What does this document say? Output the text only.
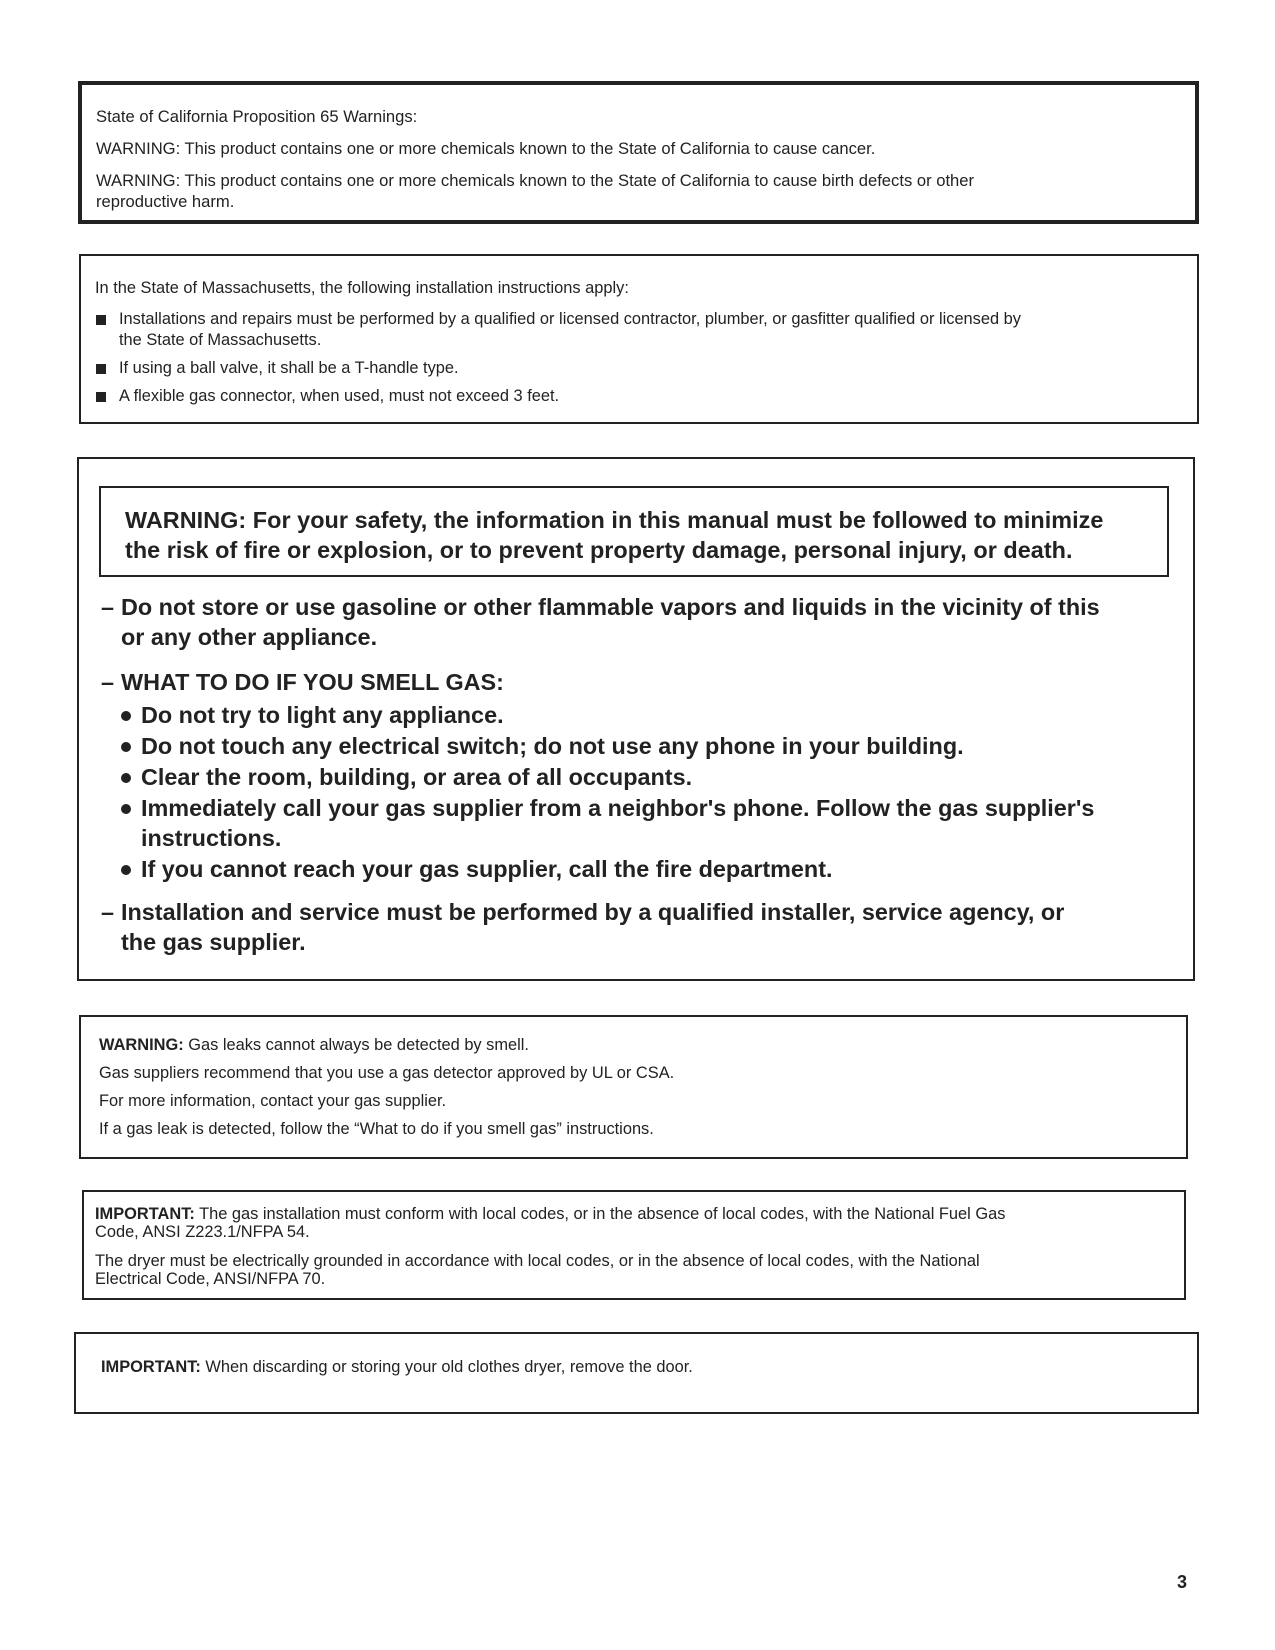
State of California Proposition 65 Warnings:

WARNING: This product contains one or more chemicals known to the State of California to cause cancer.

WARNING: This product contains one or more chemicals known to the State of California to cause birth defects or other
reproductive harm.

In the State of Massachusetts, the following installation instructions apply:

Installations and repairs must be performed by a qualified or licensed contractor, plumber, or gasfitter qualified or licensed by
the State of Massachusetts.
If using a ball valve, it shall be a T-handle type.
A flexible gas connector, when used, must not exceed 3 feet.

WARNING: For your safety, the information in this manual must be followed to minimize

the risk of fire or explosion, or to prevent property damage, personal injury, or death.

– Do not store or use gasoline or other flammable vapors and liquids in the vicinity of this
or any other appliance.
– WHAT TO DO IF YOU SMELL GAS:
Do not try to light any appliance.
Do not touch any electrical switch; do not use any phone in your building.
Clear the room, building, or area of all occupants.
Immediately call your gas supplier from a neighbor's phone. Follow the gas supplier's
instructions.
If you cannot reach your gas supplier, call the fire department.
– Installation and service must be performed by a qualified installer, service agency, or
the gas supplier.

WARNING: Gas leaks cannot always be detected by smell.

Gas suppliers recommend that you use a gas detector approved by UL or CSA.

For more information, contact your gas supplier.

If a gas leak is detected, follow the “What to do if you smell gas” instructions.

IMPORTANT: The gas installation must conform with local codes, or in the absence of local codes, with the National Fuel Gas
Code, ANSI Z223.1/NFPA 54.

The dryer must be electrically grounded in accordance with local codes, or in the absence of local codes, with the National
Electrical Code, ANSI/NFPA 70.

IMPORTANT: When discarding or storing your old clothes dryer, remove the door.

3
